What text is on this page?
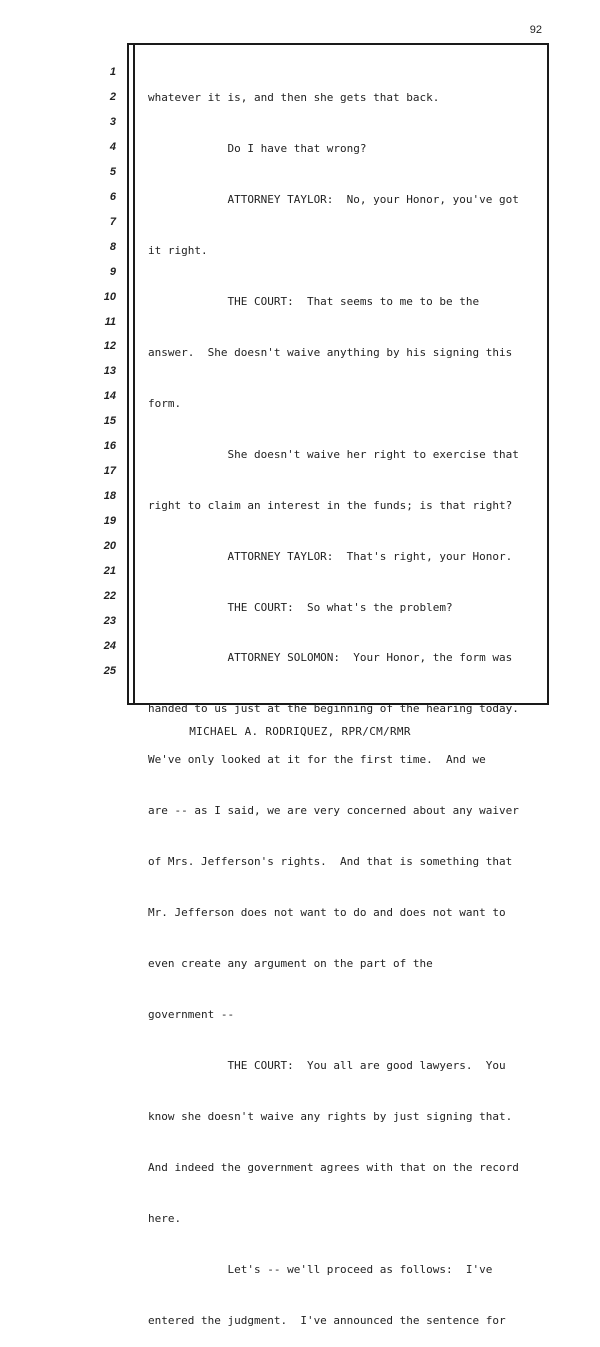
92
1
2
3
4
5
6
7
8
9
10
11
12
13
14
15
16
17
18
19
20
21
22
23
24
25

whatever it is, and then she gets that back.

Do I have that wrong?

ATTORNEY TAYLOR:  No, your Honor, you've got

it right.

THE COURT:  That seems to me to be the

answer.  She doesn't waive anything by his signing this

form.

She doesn't waive her right to exercise that

right to claim an interest in the funds; is that right?

ATTORNEY TAYLOR:  That's right, your Honor.

THE COURT:  So what's the problem?

ATTORNEY SOLOMON:  Your Honor, the form was

handed to us just at the beginning of the hearing today.

We've only looked at it for the first time.  And we

are -- as I said, we are very concerned about any waiver

of Mrs. Jefferson's rights.  And that is something that

Mr. Jefferson does not want to do and does not want to

even create any argument on the part of the

government --

THE COURT:  You all are good lawyers.  You

know she doesn't waive any rights by just signing that.

And indeed the government agrees with that on the record

here.

Let's -- we'll proceed as follows:  I've

entered the judgment.  I've announced the sentence for

MICHAEL A. RODRIQUEZ, RPR/CM/RMR
